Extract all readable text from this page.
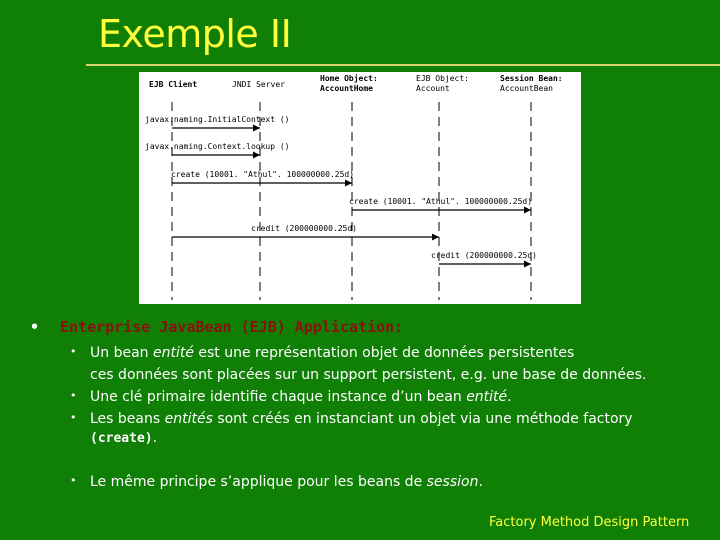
Exemple II
EJB Client	JNDI Server
Home Object:
AccountHome
EJB Object:
Account
Session Bean:
AccountBean
javax.naming.InitialContext ()
javax.naming.Context.lookup ()
create (10001. "Athul". 100000000.25d)
create (10001. "Athul". 100000000.25d)
credit (200000000.25d)
credit (200000000.25d)
• Enterprise JavaBean (EJB) Application:
• Un bean entité est une représentation objet de données persistentes
ces données sont placées sur un support persistent, e.g. une base de données.
• Une clé primaire identifie chaque instance d’un bean entité.
• Les beans entités sont créés en instanciant un objet via une méthode factory
(create).
• Le même principe s’applique pour les beans de session.
Factory Method Design Pattern
